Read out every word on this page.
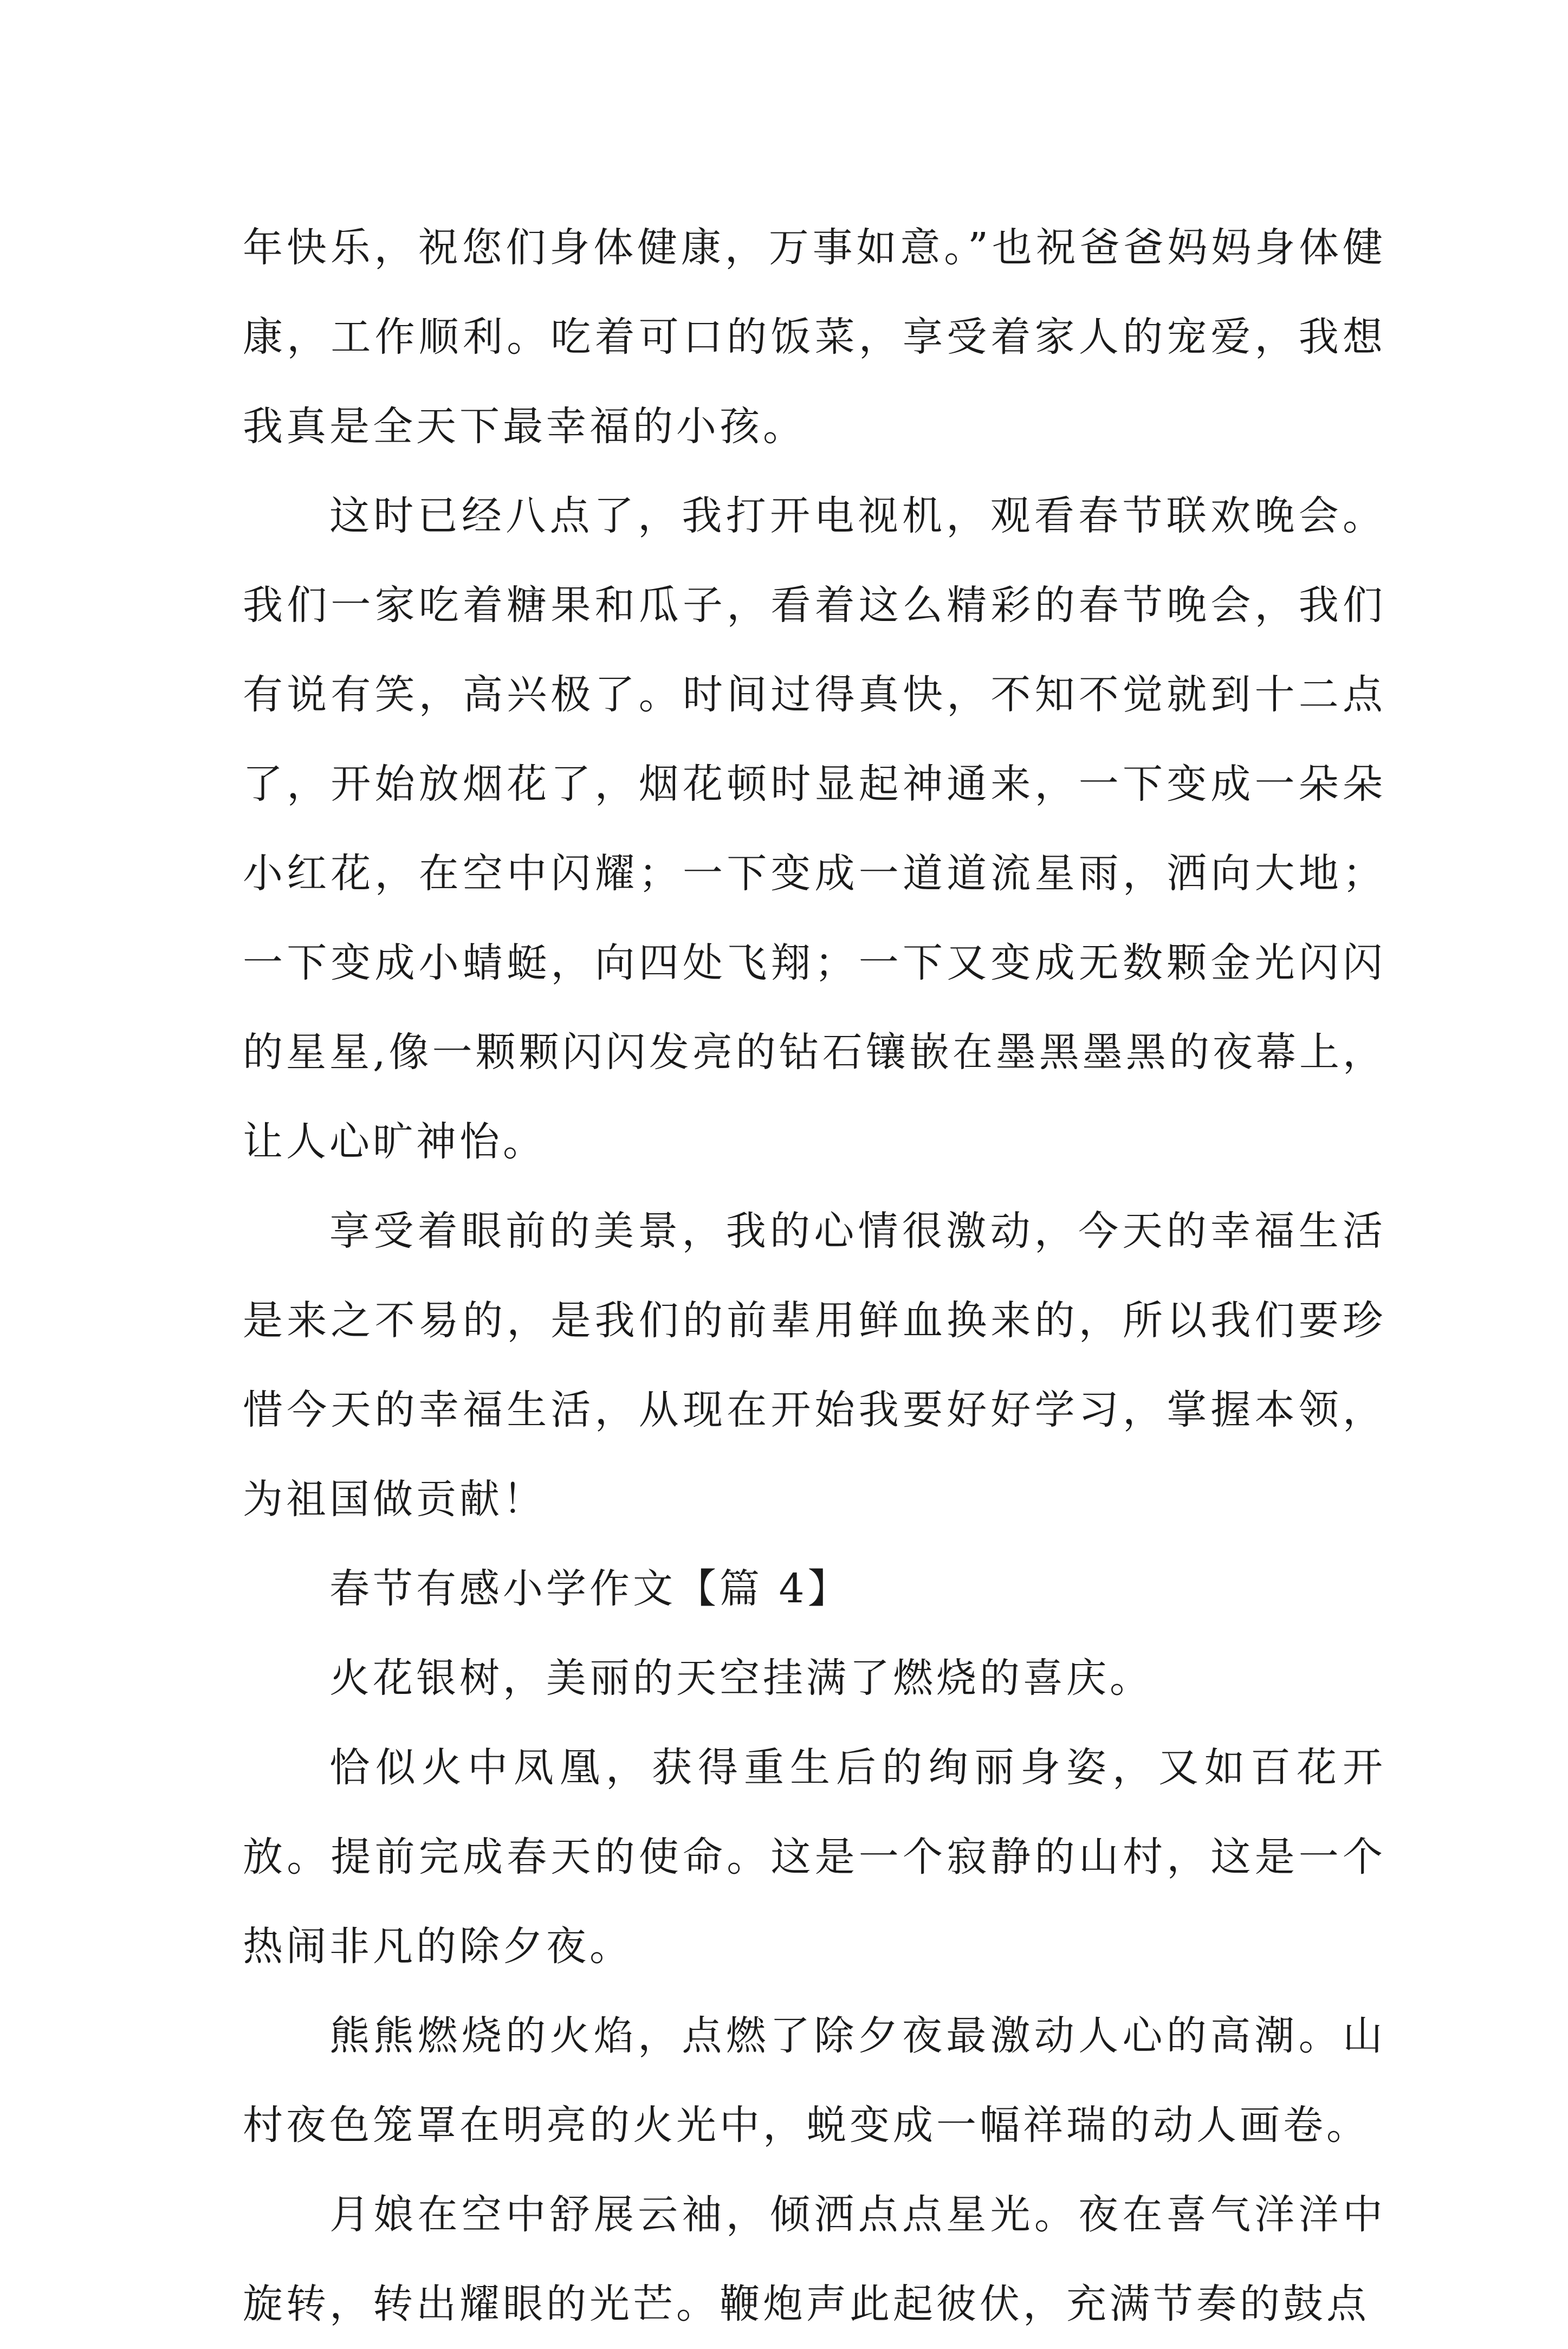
年快乐，祝您们身体健康，万事如意。”也祝爸爸妈妈身体健康，工作顺利。吃着可口的饭菜，享受着家人的宠爱，我想我真是全天下最幸福的小孩。

这时已经八点了，我打开电视机，观看春节联欢晚会。我们一家吃着糖果和瓜子，看着这么精彩的春节晚会，我们有说有笑，高兴极了。时间过得真快，不知不觉就到十二点了，开始放烟花了，烟花顿时显起神通来，一下变成一朵朵小红花，在空中闪耀；一下变成一道道流星雨，洒向大地；一下变成小蜻蜓，向四处飞翔；一下又变成无数颗金光闪闪的星星,像一颗颗闪闪发亮的钻石镶嵌在墨黑墨黑的夜幕上，让人心旷神怡。

享受着眼前的美景，我的心情很激动，今天的幸福生活是来之不易的，是我们的前辈用鲜血换来的，所以我们要珍惜今天的幸福生活，从现在开始我要好好学习，掌握本领，为祖国做贡献！

春节有感小学作文【篇 4】

火花银树，美丽的天空挂满了燃烧的喜庆。

恰似火中凤凰，获得重生后的绚丽身姿，又如百花开放。提前完成春天的使命。这是一个寂静的山村，这是一个热闹非凡的除夕夜。

熊熊燃烧的火焰，点燃了除夕夜最激动人心的高潮。山村夜色笼罩在明亮的火光中，蜕变成一幅祥瑞的动人画卷。

月娘在空中舒展云袖，倾洒点点星光。夜在喜气洋洋中旋转，转出耀眼的光芒。鞭炮声此起彼伏，充满节奏的鼓点
